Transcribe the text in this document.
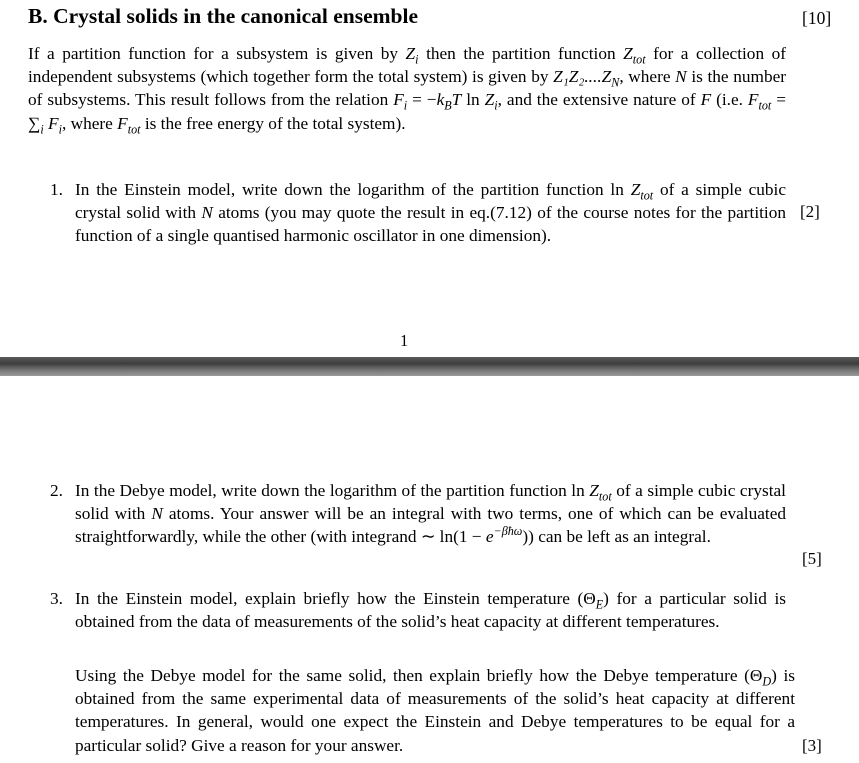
B. Crystal solids in the canonical ensemble	[10]

If a partition function for a subsystem is given by $Z_i$ then the partition function $Z_{tot}$ for a collection of independent subsystems (which together form the total system) is given by $Z_1Z_2....Z_N$, where N is the number of subsystems. This result follows from the relation $F_i = -k_BT$ $\ln Z_i$, and the extensive nature of F (i.e. $F_{tot} = \sum_i$ $F_i$, where $F_{tot}$ is the free energy of the total system).

1. In the Einstein model, write down the logarithm of the partition function $\ln Z_{tot}$ of a simple cubic crystal solid with N atoms (you may quote the result in eq.(7.12) of the course notes for the partition function of a single quantised harmonic oscillator in one dimension).

[2]
1
2. In the Debye model, write down the logarithm of the partition function $\ln Z_{tot}$ of a simple cubic crystal solid with N atoms. Your answer will be an integral with two terms, one of which can be evaluated straightforwardly, while the other (with integrand ∼ $\ln(1 - e^{-\beta ħ\omega})$) can be left as an integral.

[5]
3. In the Einstein model, explain briefly how the Einstein temperature $(\Theta_E)$ for a particular solid is obtained from the data of measurements of the solid’s heat capacity at different temperatures.

Using the Debye model for the same solid, then explain briefly how the Debye temperature $(\Theta_D)$ is obtained from the same experimental data of measurements of the solid’s heat capacity at different temperatures. In general, would one expect the Einstein and Debye temperatures to be equal for a particular solid? Give a reason for your answer.	[3]
